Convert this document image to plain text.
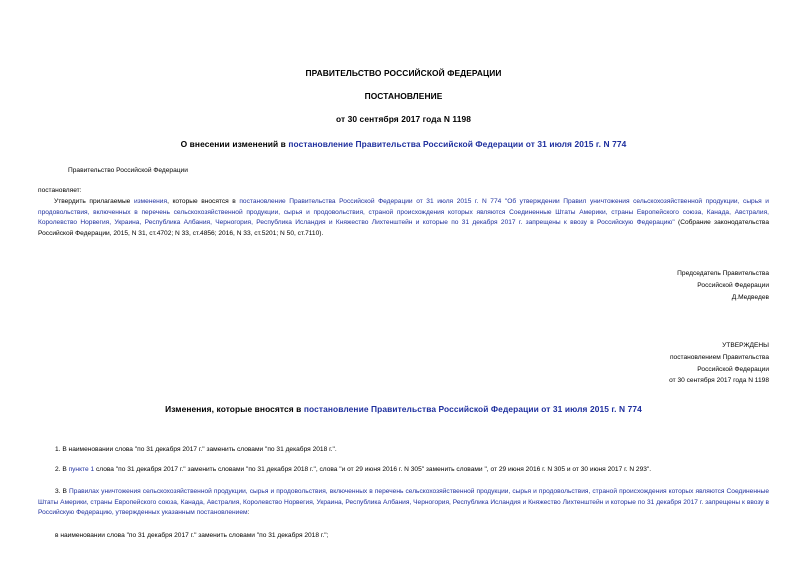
ПРАВИТЕЛЬСТВО РОССИЙСКОЙ ФЕДЕРАЦИИ
ПОСТАНОВЛЕНИЕ
от 30 сентября 2017 года N 1198
О внесении изменений в постановление Правительства Российской Федерации от 31 июля 2015 г. N 774
Правительство Российской Федерации
постановляет:
Утвердить прилагаемые изменения, которые вносятся в постановление Правительства Российской Федерации от 31 июля 2015 г. N 774 "Об утверждении Правил уничтожения сельскохозяйственной продукции, сырья и продовольствия, включенных в перечень сельскохозяйственной продукции, сырья и продовольствия, страной происхождения которых являются Соединенные Штаты Америки, страны Европейского союза, Канада, Австралия, Королевство Норвегия, Украина, Республика Албания, Черногория, Республика Исландия и Княжество Лихтенштейн и которые по 31 декабря 2017 г. запрещены к ввозу в Российскую Федерацию" (Собрание законодательства Российской Федерации, 2015, N 31, ст.4702; N 33, ст.4856; 2016, N 33, ст.5201; N 50, ст.7110).
Председатель Правительства
Российской Федерации
Д.Медведев
УТВЕРЖДЕНЫ
постановлением Правительства
Российской Федерации
от 30 сентября 2017 года N 1198
Изменения, которые вносятся в постановление Правительства Российской Федерации от 31 июля 2015 г. N 774
1. В наименовании слова "по 31 декабря 2017 г." заменить словами "по 31 декабря 2018 г.".
2. В пункте 1 слова "по 31 декабря 2017 г." заменить словами "по 31 декабря 2018 г.", слова "и от 29 июня 2016 г. N 305" заменить словами ", от 29 июня 2016 г. N 305 и от 30 июня 2017 г. N 293".
3. В Правилах уничтожения сельскохозяйственной продукции, сырья и продовольствия, включенных в перечень сельскохозяйственной продукции, сырья и продовольствия, страной происхождения которых являются Соединенные Штаты Америки, страны Европейского союза, Канада, Австралия, Королевство Норвегия, Украина, Республика Албания, Черногория, Республика Исландия и Княжество Лихтенштейн и которые по 31 декабря 2017 г. запрещены к ввозу в Российскую Федерацию, утвержденных указанным постановлением:
в наименовании слова "по 31 декабря 2017 г." заменить словами "по 31 декабря 2018 г.";
